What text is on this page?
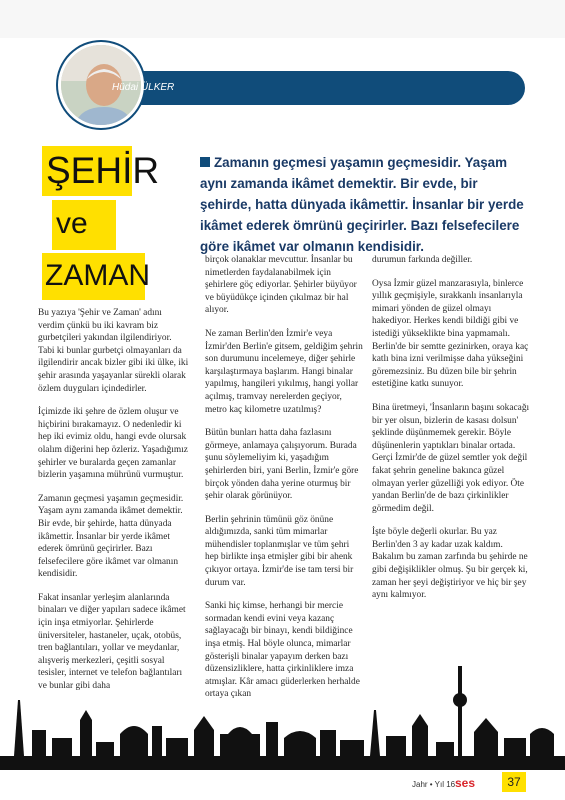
Hüdai ÜLKER
ŞEHİR
ve
ZAMAN
Zamanın geçmesi yaşamın geçmesidir. Yaşam aynı zamanda ikâmet demektir. Bir evde, bir şehirde, hatta dünyada ikâmettir. İnsanlar bir yerde ikâmet ederek ömrünü geçirirler. Bazı felsefecilere göre ikâmet var olmanın kendisidir.

Bu yazıya 'Şehir ve Zaman' adını verdim çünkü bu iki kavram biz gurbetçileri yakından ilgilendiriyor. Tabi ki bunlar gurbetçi olmayanları da ilgilendirir ancak bizler gibi iki ülke, iki şehir arasında yaşayanlar sürekli olarak özlem duyguları içindedirler.

İçimizde iki şehre de özlem oluşur ve hiçbirini bırakamayız. O nedenledir ki hep iki evimiz oldu, hangi evde olursak olalım diğerini hep özleriz. Yaşadığımız şehirler ve buralarda geçen zamanlar bizlerin yaşamına mührünü vurmuştur.

Zamanın geçmesi yaşamın geçmesidir. Yaşam aynı zamanda ikâmet demektir. Bir evde, bir şehirde, hatta dünyada ikâmettir. İnsanlar bir yerde ikâmet ederek ömrünü geçirirler. Bazı felsefecilere göre ikâmet var olmanın kendisidir.

Fakat insanlar yerleşim alanlarında binaları ve diğer yapıları sadece ikâmet için inşa etmiyorlar. Şehirlerde üniversiteler, hastaneler, uçak, otobüs, tren bağlantıları, yollar ve meydanlar, alışveriş merkezleri, çeşitli sosyal tesisler, internet ve telefon bağlantıları ve bunlar gibi daha

birçok olanaklar mevcuttur. İnsanlar bu nimetlerden faydalanabilmek için şehirlere göç ediyorlar. Şehirler büyüyor ve büyüdükçe içinden çıkılmaz bir hal alıyor.

Ne zaman Berlin'den İzmir'e veya İzmir'den Berlin'e gitsem, geldiğim şehrin son durumunu incelemeye, diğer şehirle karşılaştırmaya başlarım. Hangi binalar yapılmış, hangileri yıkılmış, hangi yollar açılmış, tramvay nerelerden geçiyor, metro kaç kilometre uzatılmış?

Bütün bunları hatta daha fazlasını görmeye, anlamaya çalışıyorum. Burada şunu söylemeliyim ki, yaşadığım şehirlerden biri, yani Berlin, İzmir'e göre birçok yönden daha yerine oturmuş bir şehir olarak görünüyor.

Berlin şehrinin tümünü göz önüne aldığımızda, sanki tüm mimarlar mühendisler toplanmışlar ve tüm şehri hep birlikte inşa etmişler gibi bir ahenk çıkıyor ortaya. İzmir'de ise tam tersi bir durum var.

Sanki hiç kimse, herhangi bir mercie sormadan kendi evini veya kazanç sağlayacağı bir binayı, kendi bildiğince inşa etmiş. Hal böyle olunca, mimarlar gösterişli binalar yapayım derken bazı düzensizliklere, hatta çirkinliklere imza atmışlar. Kâr amacı güderlerken herhalde ortaya çıkan

durumun farkında değiller.

Oysa İzmir güzel manzarasıyla, binlerce yıllık geçmişiyle, sırakkanlı insanlarıyla mimari yönden de güzel olmayı hakediyor. Herkes kendi bildiği gibi ve istediği yükseklikte bina yapmamalı. Berlin'de bir semtte gezinirken, oraya kaç katlı bina izni verilmişse daha yükseğini göremezsiniz. Bu düzen bile bir şehrin estetiğine katkı sunuyor.

Bina üretmeyi, 'İnsanların başını sokacağı bir yer olsun, bizlerin de kasası dolsun' şeklinde düşünmemek gerekir. Böyle düşünenlerin yaptıkları binalar ortada. Gerçi İzmir'de de güzel semtler yok değil fakat şehrin geneline bakınca güzel olmayan yerler güzelliği yok ediyor. Öte yandan Berlin'de de bazı çirkinlikler görmedim değil.

İşte böyle değerli okurlar. Bu yaz Berlin'den 3 ay kadar uzak kaldım. Bakalım bu zaman zarfında bu şehirde ne gibi değişiklikler olmuş. Şu bir gerçek ki, zaman her şeyi değiştiriyor ve hiç bir şey aynı kalmıyor.

Jahr • Yıl 16 ses	37
